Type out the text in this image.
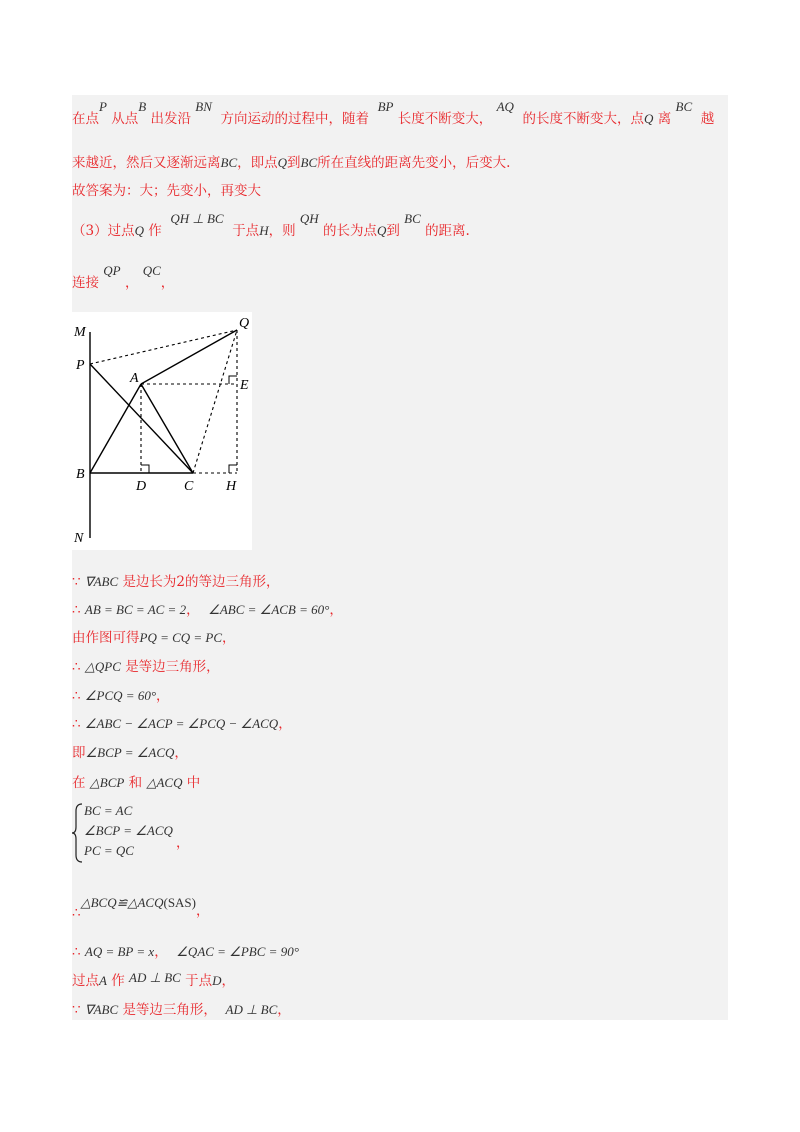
在点P 从点B 出发沿 BN  方向运动的过程中，随着  BP 长度不断变大， AQ  的长度不断变大，点Q 离 BC  越
来越近，然后又逐渐远离BC，即点Q到BC所在直线的距离先变小，后变大.
故答案为：大；先变小，再变大
（3）过点Q 作  QH ⊥ BC  于点H，则 QH 的长为点Q到 BC 的距离.
连接 QP ， QC，
M
P
A
Q
E
B
D	C H
N
∵ ∇ABC 是边长为2的等边三角形，
∴ AB = BC = AC = 2， ∠ABC = ∠ACB = 60°，
由作图可得PQ = CQ = PC，
∴ △QPC 是等边三角形，
∴ ∠PCQ = 60°，
∴ ∠ABC − ∠ACP = ∠PCQ − ∠ACQ，
即∠BCP = ∠ACQ，
在 △BCP 和 △ACQ 中
BC = AC
∠BCP = ∠ACQ
PC = QC	，
∴△BCQ≌△ACQ(SAS)，
∴ AQ = BP = x， ∠QAC = ∠PBC = 90°
过点A 作 AD ⊥ BC 于点D，
∵ ∇ABC 是等边三角形， AD ⊥ BC，
